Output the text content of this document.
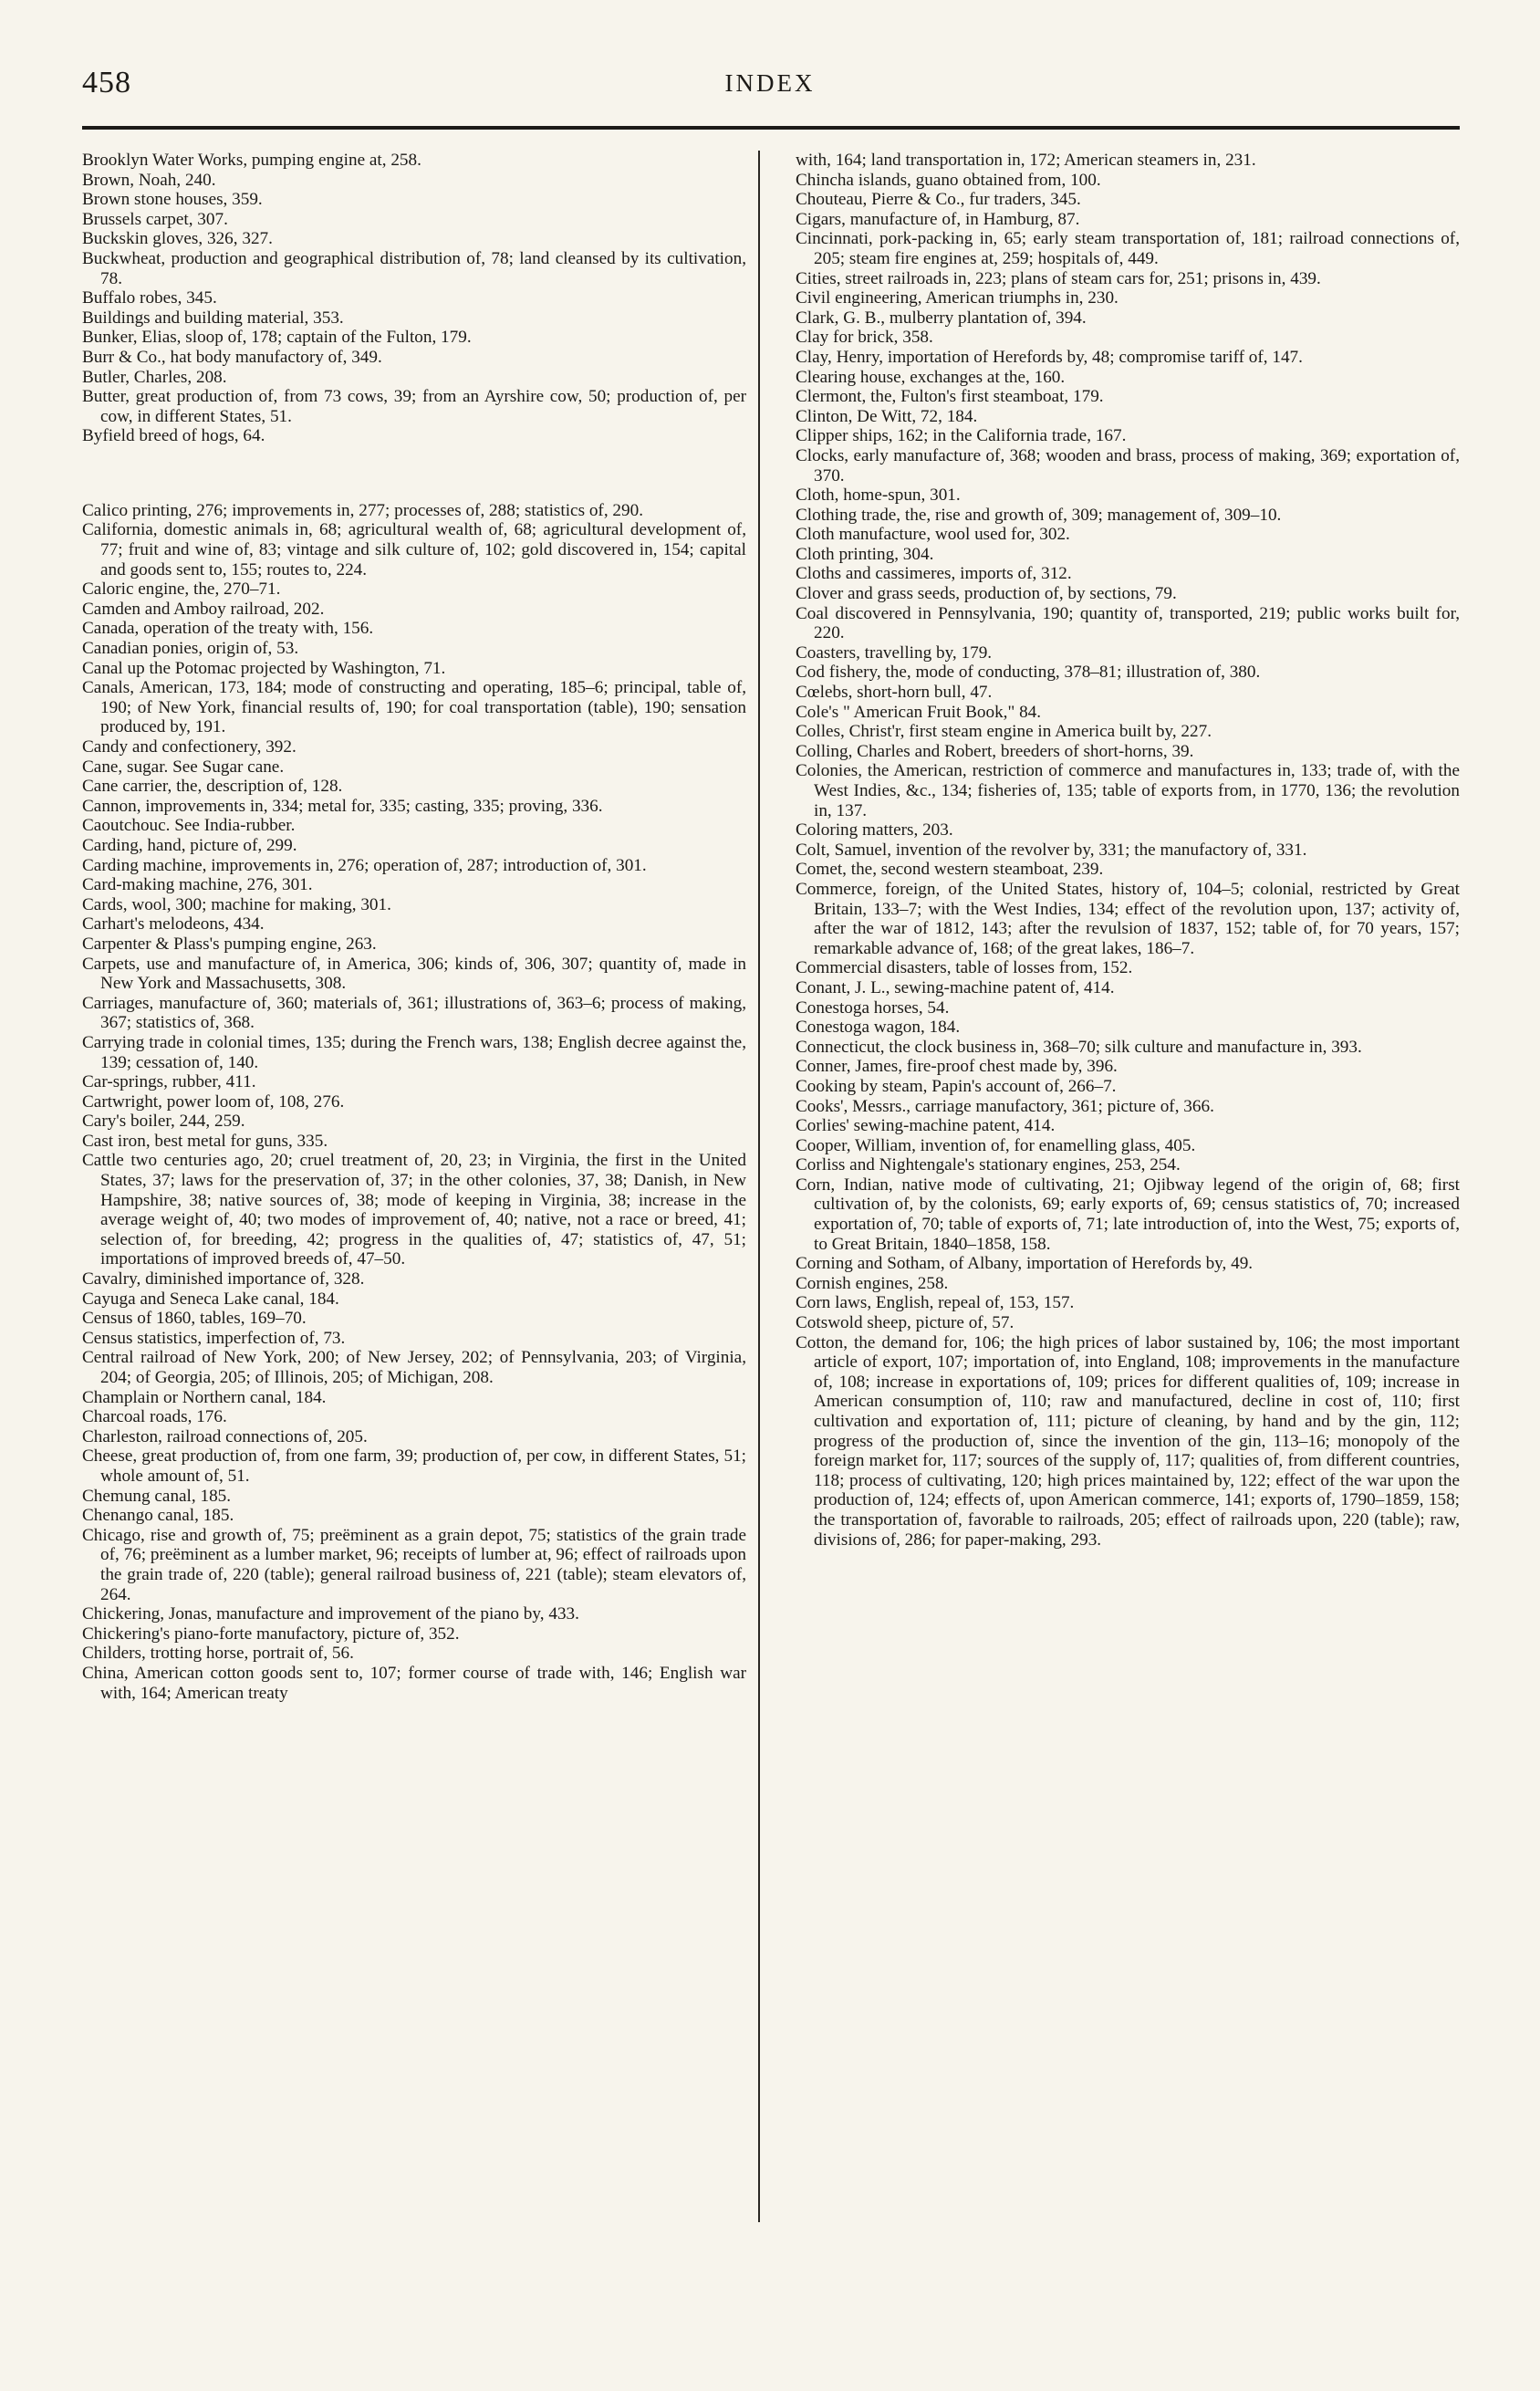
458	INDEX

Brooklyn Water Works, pumping engine at, 258.

Brown, Noah, 240.

Brown stone houses, 359.

Brussels carpet, 307.

Buckskin gloves, 326, 327.

Buckwheat, production and geographical distribution of, 78; land cleansed by its cultivation, 78.

Buffalo robes, 345.

Buildings and building material, 353.

Bunker, Elias, sloop of, 178; captain of the Fulton, 179.

Burr & Co., hat body manufactory of, 349.

Butler, Charles, 208.

Butter, great production of, from 73 cows, 39; from an Ayrshire cow, 50; production of, per cow, in different States, 51.

Byfield breed of hogs, 64.

Calico printing, 276; improvements in, 277; processes of, 288; statistics of, 290.

California, domestic animals in, 68; agricultural wealth of, 68; agricultural development of, 77; fruit and wine of, 83; vintage and silk culture of, 102; gold discovered in, 154; capital and goods sent to, 155; routes to, 224.

Caloric engine, the, 270–71.

Camden and Amboy railroad, 202.

Canada, operation of the treaty with, 156.

Canadian ponies, origin of, 53.

Canal up the Potomac projected by Washington, 71.

Canals, American, 173, 184; mode of constructing and operating, 185–6; principal, table of, 190; of New York, financial results of, 190; for coal transportation (table), 190; sensation produced by, 191.

Candy and confectionery, 392.

Cane, sugar. See Sugar cane.

Cane carrier, the, description of, 128.

Cannon, improvements in, 334; metal for, 335; casting, 335; proving, 336.

Caoutchouc. See India-rubber.

Carding, hand, picture of, 299.

Carding machine, improvements in, 276; operation of, 287; introduction of, 301.

Card-making machine, 276, 301.

Cards, wool, 300; machine for making, 301.

Carhart's melodeons, 434.

Carpenter & Plass's pumping engine, 263.

Carpets, use and manufacture of, in America, 306; kinds of, 306, 307; quantity of, made in New York and Massachusetts, 308.

Carriages, manufacture of, 360; materials of, 361; illustrations of, 363–6; process of making, 367; statistics of, 368.

Carrying trade in colonial times, 135; during the French wars, 138; English decree against the, 139; cessation of, 140.

Car-springs, rubber, 411.

Cartwright, power loom of, 108, 276.

Cary's boiler, 244, 259.

Cast iron, best metal for guns, 335.

Cattle two centuries ago, 20; cruel treatment of, 20, 23; in Virginia, the first in the United States, 37; laws for the preservation of, 37; in the other colonies, 37, 38; Danish, in New Hampshire, 38; native sources of, 38; mode of keeping in Virginia, 38; increase in the average weight of, 40; two modes of improvement of, 40; native, not a race or breed, 41; selection of, for breeding, 42; progress in the qualities of, 47; statistics of, 47, 51; importations of improved breeds of, 47–50.

Cavalry, diminished importance of, 328.

Cayuga and Seneca Lake canal, 184.

Census of 1860, tables, 169–70.

Census statistics, imperfection of, 73.

Central railroad of New York, 200; of New Jersey, 202; of Pennsylvania, 203; of Virginia, 204; of Georgia, 205; of Illinois, 205; of Michigan, 208.

Champlain or Northern canal, 184.

Charcoal roads, 176.

Charleston, railroad connections of, 205.

Cheese, great production of, from one farm, 39; production of, per cow, in different States, 51; whole amount of, 51.

Chemung canal, 185.

Chenango canal, 185.

Chicago, rise and growth of, 75; preëminent as a grain depot, 75; statistics of the grain trade of, 76; preëminent as a lumber market, 96; receipts of lumber at, 96; effect of railroads upon the grain trade of, 220 (table); general railroad business of, 221 (table); steam elevators of, 264.

Chickering, Jonas, manufacture and improvement of the piano by, 433.

Chickering's piano-forte manufactory, picture of, 352.

Childers, trotting horse, portrait of, 56.

China, American cotton goods sent to, 107; former course of trade with, 146; English war with, 164; American treaty

with, 164; land transportation in, 172; American steamers in, 231.

Chincha islands, guano obtained from, 100.

Chouteau, Pierre & Co., fur traders, 345.

Cigars, manufacture of, in Hamburg, 87.

Cincinnati, pork-packing in, 65; early steam transportation of, 181; railroad connections of, 205; steam fire engines at, 259; hospitals of, 449.

Cities, street railroads in, 223; plans of steam cars for, 251; prisons in, 439.

Civil engineering, American triumphs in, 230.

Clark, G. B., mulberry plantation of, 394.

Clay for brick, 358.

Clay, Henry, importation of Herefords by, 48; compromise tariff of, 147.

Clearing house, exchanges at the, 160.

Clermont, the, Fulton's first steamboat, 179.

Clinton, De Witt, 72, 184.

Clipper ships, 162; in the California trade, 167.

Clocks, early manufacture of, 368; wooden and brass, process of making, 369; exportation of, 370.

Cloth, home-spun, 301.

Clothing trade, the, rise and growth of, 309; management of, 309–10.

Cloth manufacture, wool used for, 302.

Cloth printing, 304.

Cloths and cassimeres, imports of, 312.

Clover and grass seeds, production of, by sections, 79.

Coal discovered in Pennsylvania, 190; quantity of, transported, 219; public works built for, 220.

Coasters, travelling by, 179.

Cod fishery, the, mode of conducting, 378–81; illustration of, 380.

Cœlebs, short-horn bull, 47.

Cole's " American Fruit Book," 84.

Colles, Christ'r, first steam engine in America built by, 227.

Colling, Charles and Robert, breeders of short-horns, 39.

Colonies, the American, restriction of commerce and manufactures in, 133; trade of, with the West Indies, &c., 134; fisheries of, 135; table of exports from, in 1770, 136; the revolution in, 137.

Coloring matters, 203.

Colt, Samuel, invention of the revolver by, 331; the manufactory of, 331.

Comet, the, second western steamboat, 239.

Commerce, foreign, of the United States, history of, 104–5; colonial, restricted by Great Britain, 133–7; with the West Indies, 134; effect of the revolution upon, 137; activity of, after the war of 1812, 143; after the revulsion of 1837, 152; table of, for 70 years, 157; remarkable advance of, 168; of the great lakes, 186–7.

Commercial disasters, table of losses from, 152.

Conant, J. L., sewing-machine patent of, 414.

Conestoga horses, 54.

Conestoga wagon, 184.

Connecticut, the clock business in, 368–70; silk culture and manufacture in, 393.

Conner, James, fire-proof chest made by, 396.

Cooking by steam, Papin's account of, 266–7.

Cooks', Messrs., carriage manufactory, 361; picture of, 366.

Corlies' sewing-machine patent, 414.

Cooper, William, invention of, for enamelling glass, 405.

Corliss and Nightengale's stationary engines, 253, 254.

Corn, Indian, native mode of cultivating, 21; Ojibway legend of the origin of, 68; first cultivation of, by the colonists, 69; early exports of, 69; census statistics of, 70; increased exportation of, 70; table of exports of, 71; late introduction of, into the West, 75; exports of, to Great Britain, 1840–1858, 158.

Corning and Sotham, of Albany, importation of Herefords by, 49.

Cornish engines, 258.

Corn laws, English, repeal of, 153, 157.

Cotswold sheep, picture of, 57.

Cotton, the demand for, 106; the high prices of labor sustained by, 106; the most important article of export, 107; importation of, into England, 108; improvements in the manufacture of, 108; increase in exportations of, 109; prices for different qualities of, 109; increase in American consumption of, 110; raw and manufactured, decline in cost of, 110; first cultivation and exportation of, 111; picture of cleaning, by hand and by the gin, 112; progress of the production of, since the invention of the gin, 113–16; monopoly of the foreign market for, 117; sources of the supply of, 117; qualities of, from different countries, 118; process of cultivating, 120; high prices maintained by, 122; effect of the war upon the production of, 124; effects of, upon American commerce, 141; exports of, 1790–1859, 158; the transportation of, favorable to railroads, 205; effect of railroads upon, 220 (table); raw, divisions of, 286; for paper-making, 293.
